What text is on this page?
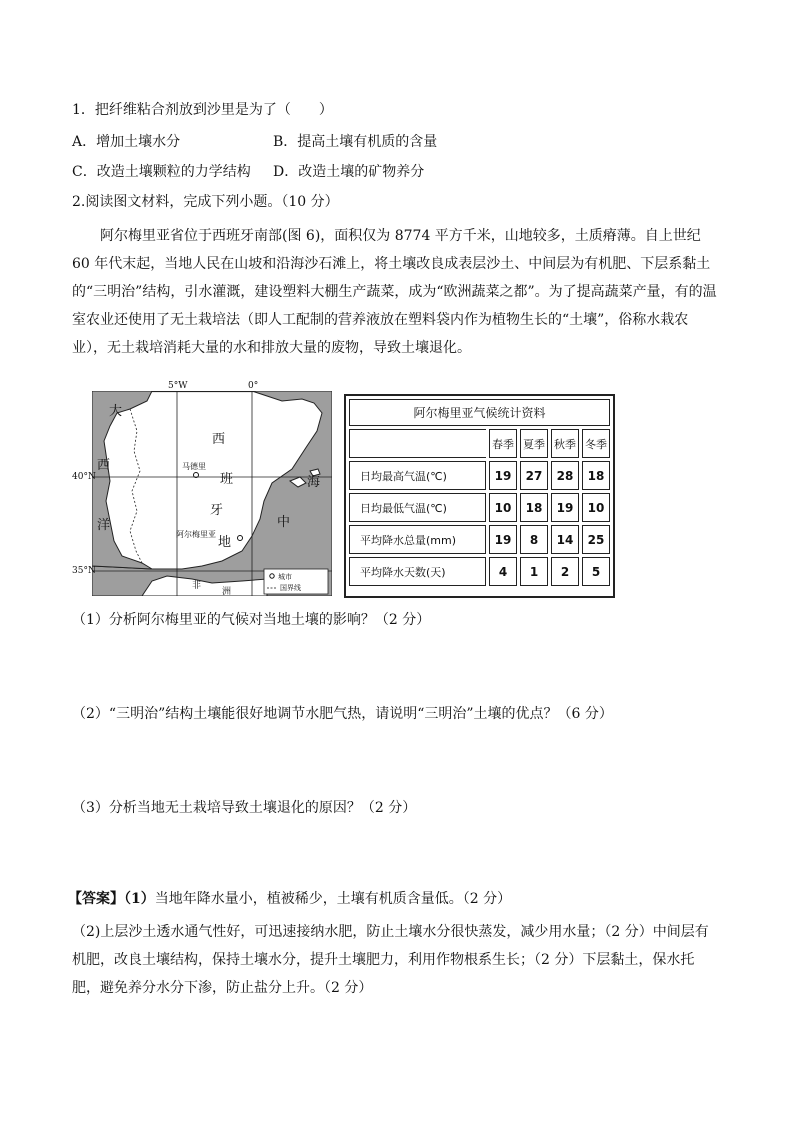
1．把纤维粘合剂放到沙里是为了（　　）
A．增加土壤水分	B．提高土壤有机质的含量
C．改造土壤颗粒的力学结构 D．改造土壤的矿物养分
2.阅读图文材料，完成下列小题。（10 分）
阿尔梅里亚省位于西班牙南部(图 6)，面积仅为 8774 平方千米，山地较多，土质瘠薄。自上世纪 60 年代末起，当地人民在山坡和沿海沙石滩上，将土壤改良成表层沙土、中间层为有机肥、下层系黏土的“三明治”结构，引水灌溉，建设塑料大棚生产蔬菜，成为“欧洲蔬菜之都”。为了提高蔬菜产量，有的温室农业还使用了无土栽培法（即人工配制的营养液放在塑料袋内作为植物生长的“土壤”，俗称水栽农业），无土栽培消耗大量的水和排放大量的废物，导致土壤退化。
大
西
洋
西
班
牙
地
中
海
非
洲
马德里
阿尔梅里亚
城市
国界线
5°W	0°
40°N
35°N
阿尔梅里亚气候统计资料				
	春季	夏季	秋季	冬季
日均最高气温(℃)	19	27	28	18
日均最低气温(℃)	10	18	19	10
平均降水总量(mm)	19	8	14	25
平均降水天数(天)	4	1	2	5
（1）分析阿尔梅里亚的气候对当地土壤的影响？（2 分）
（2）“三明治”结构土壤能很好地调节水肥气热，请说明“三明治”土壤的优点？（6 分）
（3）分析当地无土栽培导致土壤退化的原因？（2 分）
【答案】（1）当地年降水量小，植被稀少，土壤有机质含量低。（2 分）
（2)上层沙土透水通气性好，可迅速接纳水肥，防止土壤水分很快蒸发，减少用水量；（2 分）中间层有机肥，改良土壤结构，保持土壤水分，提升土壤肥力，利用作物根系生长；（2 分）下层黏土，保水托肥，避免养分水分下渗，防止盐分上升。（2 分）
